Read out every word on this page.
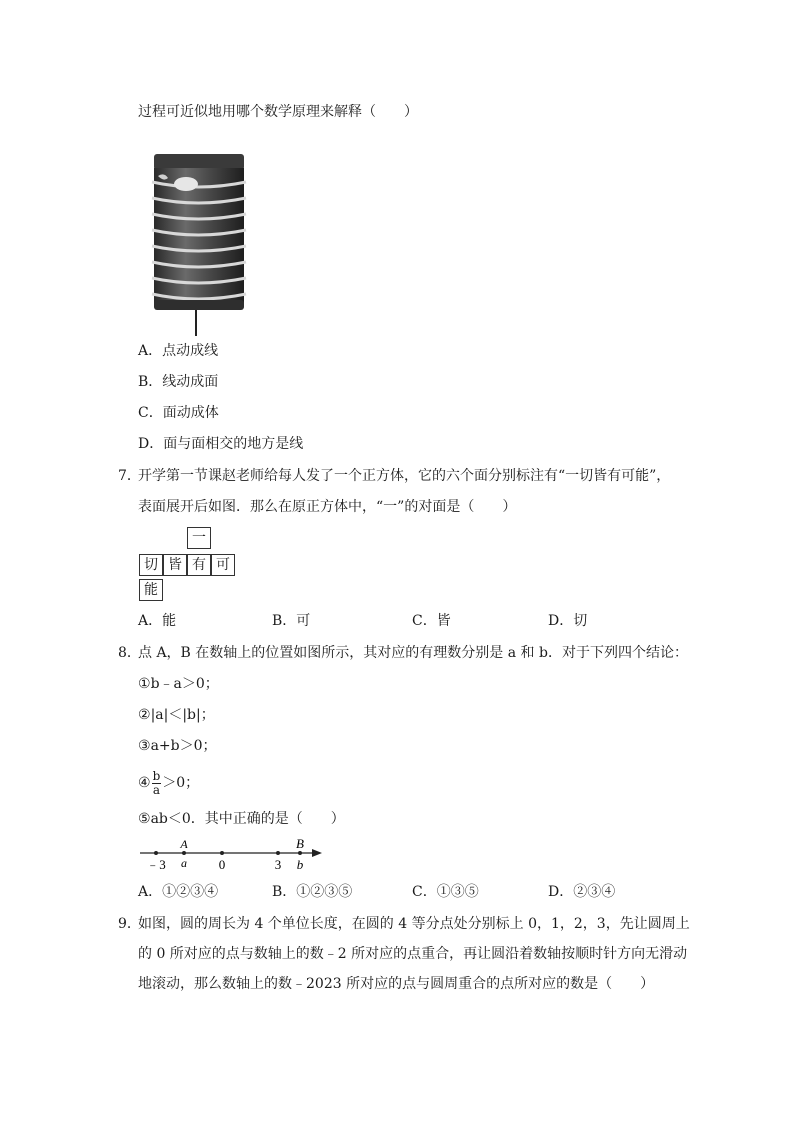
过程可近似地用哪个数学原理来解释（　　）
A．点动成线
B．线动成面
C．面动成体
D．面与面相交的地方是线
7．
开学第一节课赵老师给每人发了一个正方体，它的六个面分别标注有“一切皆有可能”，
表面展开后如图．那么在原正方体中，“一”的对面是（　　）
一
切 皆 有 可
能
A．能	B．可	C．皆	D．切
8．
点 A，B 在数轴上的位置如图所示，其对应的有理数分别是 a 和 b．对于下列四个结论：
①b﹣a＞0；
②|a|＜|b|；
③a+b＞0；
④ $\frac{b}{a} >0$；
⑤ab＜0．其中正确的是（　　）
﹣3	0	3
A
a
B
b
A．①②③④	B．①②③⑤	C．①③⑤	D．②③④
9．
如图，圆的周长为 4 个单位长度，在圆的 4 等分点处分别标上 0，1，2，3，先让圆周上
的 0 所对应的点与数轴上的数﹣2 所对应的点重合，再让圆沿着数轴按顺时针方向无滑动
地滚动，那么数轴上的数﹣2023 所对应的点与圆周重合的点所对应的数是（　　）
